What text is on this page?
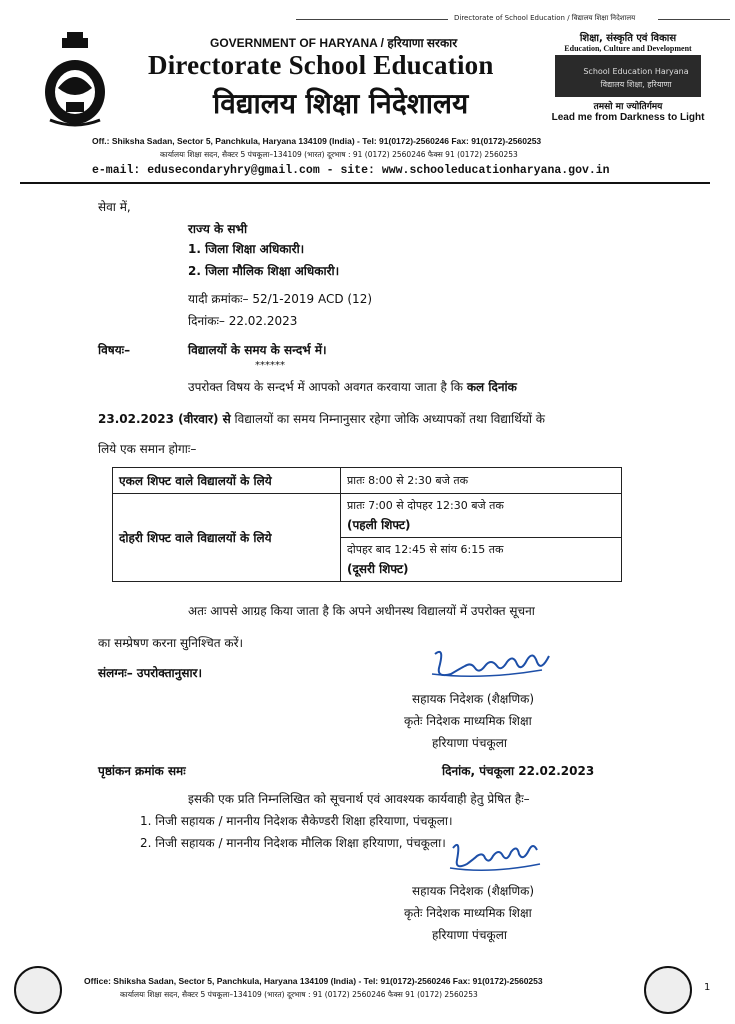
Directorate of School Education / विद्यालय शिक्षा निदेशालय
GOVERNMENT OF HARYANA / हरियाणा सरकार
Directorate School Education
विद्यालय शिक्षा निदेशालय
शिक्षा, संस्कृति एवं विकास
Education, Culture and Development
School Education Haryana
विद्यालय शिक्षा, हरियाणा
तमसो मा ज्योतिर्गमय
Lead me from Darkness to Light
Off.: Shiksha Sadan, Sector 5, Panchkula, Haryana 134109 (India) - Tel: 91(0172)-2560246 Fax: 91(0172)-2560253
कार्यालयः शिक्षा सदन, सैक्टर 5 पंचकूला–134109 (भारत) दूरभाष : 91 (0172) 2560246 फैक्स 91 (0172) 2560253
e-mail: edusecondaryhry@gmail.com - site: www.schooleducationharyana.gov.in
सेवा में,
राज्य के सभी
1. जिला शिक्षा अधिकारी।
2. जिला मौलिक शिक्षा अधिकारी।
यादी क्रमांकः– 52/1-2019 ACD (12)
दिनांकः– 22.02.2023
विषयः–	विद्यालयों के समय के सन्दर्भ में।
******
उपरोक्त विषय के सन्दर्भ में आपको अवगत करवाया जाता है कि कल दिनांक
23.02.2023 (वीरवार) से विद्यालयों का समय निम्नानुसार रहेगा जोकि अध्यापकों तथा विद्यार्थियों के
लिये एक समान होगाः–
एकल शिफ्ट वाले विद्यालयों के लिये	प्रातः 8:00 से 2:30 बजे तक
दोहरी शिफ्ट वाले विद्यालयों के लिये	प्रातः 7:00 से दोपहर 12:30 बजे तक
(पहली शिफ्ट)

	दोपहर बाद 12:45 से सांय 6:15 तक
(दूसरी शिफ्ट)
अतः आपसे आग्रह किया जाता है कि अपने अधीनस्थ विद्यालयों में उपरोक्त सूचना
का सम्प्रेषण करना सुनिश्चित करें।
संलग्नः– उपरोक्तानुसार।
सहायक निदेशक (शैक्षणिक)
कृतेः निदेशक माध्यमिक शिक्षा
हरियाणा पंचकूला
पृष्ठांकन क्रमांक समः	दिनांक, पंचकूला 22.02.2023
इसकी एक प्रति निम्नलिखित को सूचनार्थ एवं आवश्यक कार्यवाही हेतु प्रेषित हैः–
1. निजी सहायक / माननीय निदेशक सैकेण्डरी शिक्षा हरियाणा, पंचकूला।
2. निजी सहायक / माननीय निदेशक मौलिक शिक्षा हरियाणा, पंचकूला।
सहायक निदेशक (शैक्षणिक)
कृतेः निदेशक माध्यमिक शिक्षा
हरियाणा पंचकूला
Office: Shiksha Sadan, Sector 5, Panchkula, Haryana 134109 (India) - Tel: 91(0172)-2560246 Fax: 91(0172)-2560253
कार्यालयः शिक्षा सदन, सैक्टर 5 पंचकूला–134109 (भारत) दूरभाष : 91 (0172) 2560246 फैक्स 91 (0172) 2560253
1
